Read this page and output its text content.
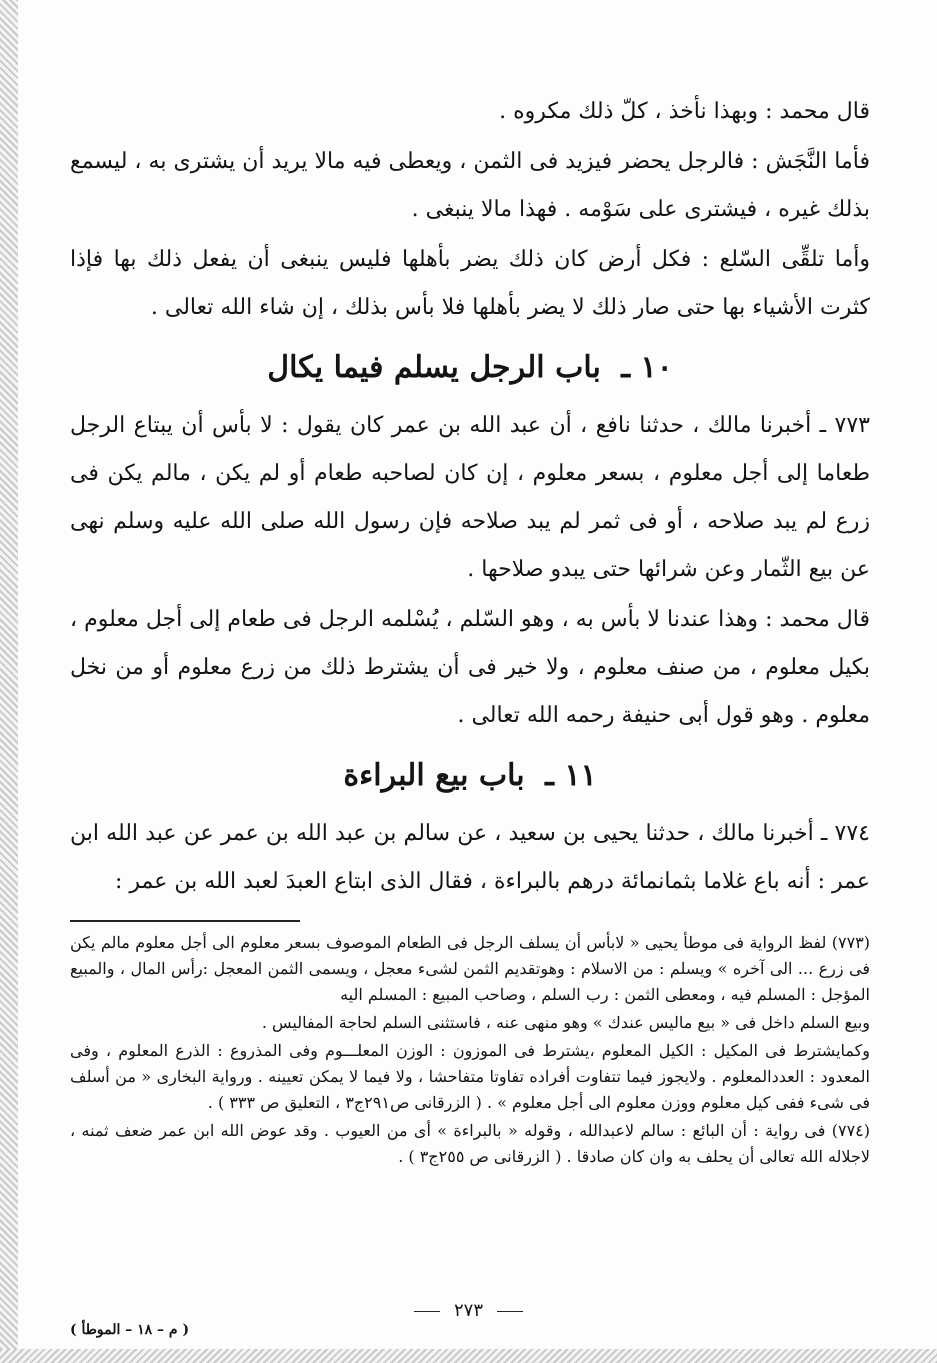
قال محمد : وبهذا نأخذ ، كلّ ذلك مكروه .

فأما النَّجَش : فالرجل يحضر فيزيد فى الثمن ، ويعطى فيه مالا يريد أن يشترى به ، ليسمع بذلك غيره ، فيشترى على سَوْمه . فهذا مالا ينبغى .

وأما تلقِّى السّلع : فكل أرض كان ذلك يضر بأهلها فليس ينبغى أن يفعل ذلك بها فإذا كثرت الأشياء بها حتى صار ذلك لا يضر بأهلها فلا بأس بذلك ، إن شاء الله تعالى .

١٠ ـ باب الرجل يسلم فيما يكال

٧٧٣ ـ أخبرنا مالك ، حدثنا نافع ، أن عبد الله بن عمر كان يقول : لا بأس أن يبتاع الرجل طعاما إلى أجل معلوم ، بسعر معلوم ، إن كان لصاحبه طعام أو لم يكن ، مالم يكن فى زرع لم يبد صلاحه ، أو فى ثمر لم يبد صلاحه فإن رسول الله صلى الله عليه وسلم نهى عن بيع الثّمار وعن شرائها حتى يبدو صلاحها .

قال محمد : وهذا عندنا لا بأس به ، وهو السّلم ، يُسْلمه الرجل فى طعام إلى أجل معلوم ، بكيل معلوم ، من صنف معلوم ، ولا خير فى أن يشترط ذلك من زرع معلوم أو من نخل معلوم . وهو قول أبى حنيفة رحمه الله تعالى .

١١ ـ باب بيع البراءة

٧٧٤ ـ أخبرنا مالك ، حدثنا يحيى بن سعيد ، عن سالم بن عبد الله بن عمر عن عبد الله ابن عمر : أنه باع غلاما بثمانمائة درهم بالبراءة ، فقال الذى ابتاع العبدَ لعبد الله بن عمر :

(٧٧٣) لفظ الرواية فى موطأ يحيى « لابأس أن يسلف الرجل فى الطعام الموصوف بسعر معلوم الى أجل معلوم مالم يكن فى زرع ... الى آخره » ويسلم : من الاسلام : وهوتقديم الثمن لشىء معجل ، ويسمى الثمن المعجل :رأس المال ، والمبيع المؤجل : المسلم فيه ، ومعطى الثمن : رب السلم ، وصاحب المبيع : المسلم اليه

وبيع السلم داخل فى « بيع ماليس عندك » وهو منهى عنه ، فاستثنى السلم لحاجة المفاليس .

وكمايشترط فى المكيل : الكيل المعلوم ،يشترط فى الموزون : الوزن المعلـــوم وفى المذروع : الذرع المعلوم ، وفى المعدود : العددالمعلوم . ولايجوز فيما تتفاوت أفراده تفاوتا متفاحشا ، ولا فيما لا يمكن تعيينه . ورواية البخارى « من أسلف فى شىء ففى كيل معلوم ووزن معلوم الى أجل معلوم » . ( الزرقانى ص٢٩١ج٣ ، التعليق ص ٣٣٣ ) .

(٧٧٤) فى رواية : أن البائع : سالم لاعبدالله ، وقوله « بالبراءة » أى من العيوب . وقد عوض الله ابن عمر ضعف ثمنه ، لاجلاله الله تعالى أن يحلف به وان كان صادقا . ( الزرقانى ص ٢٥٥ج٣ ) .

٢٧٣
( م – ١٨ – الموطأ )
